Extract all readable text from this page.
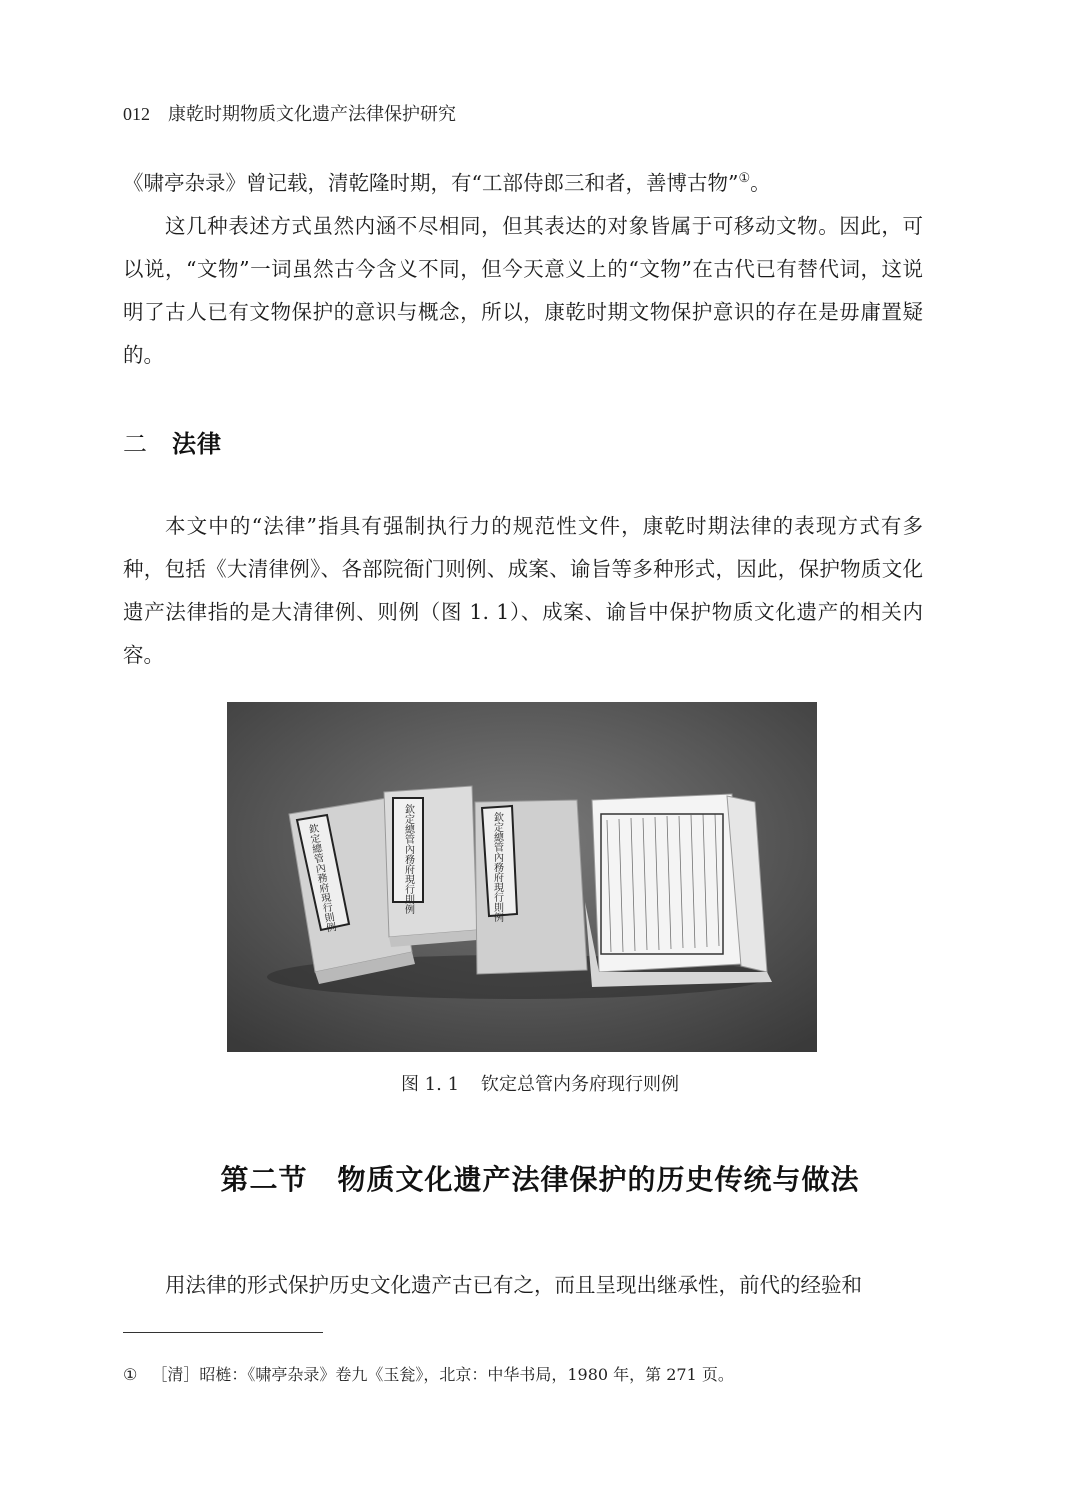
012 康乾时期物质文化遗产法律保护研究

《啸亭杂录》曾记载，清乾隆时期，有“工部侍郎三和者，善博古物”①。

这几种表述方式虽然内涵不尽相同，但其表达的对象皆属于可移动文物。因此，可以说，“文物”一词虽然古今含义不同，但今天意义上的“文物”在古代已有替代词，这说明了古人已有文物保护的意识与概念，所以，康乾时期文物保护意识的存在是毋庸置疑的。

二 法律

本文中的“法律”指具有强制执行力的规范性文件，康乾时期法律的表现方式有多种，包括《大清律例》、各部院衙门则例、成案、谕旨等多种形式，因此，保护物质文化遗产法律指的是大清律例、则例（图 1. 1）、成案、谕旨中保护物质文化遗产的相关内容。

欽定總管內務府現行則例	欽定總管內務府現行則例	欽定總管內務府現行則例
图 1. 1 钦定总管内务府现行则例
第二节 物质文化遗产法律保护的历史传统与做法

用法律的形式保护历史文化遗产古已有之，而且呈现出继承性，前代的经验和

① ［清］昭梿：《啸亭杂录》卷九《玉瓮》，北京：中华书局，1980 年，第 271 页。
